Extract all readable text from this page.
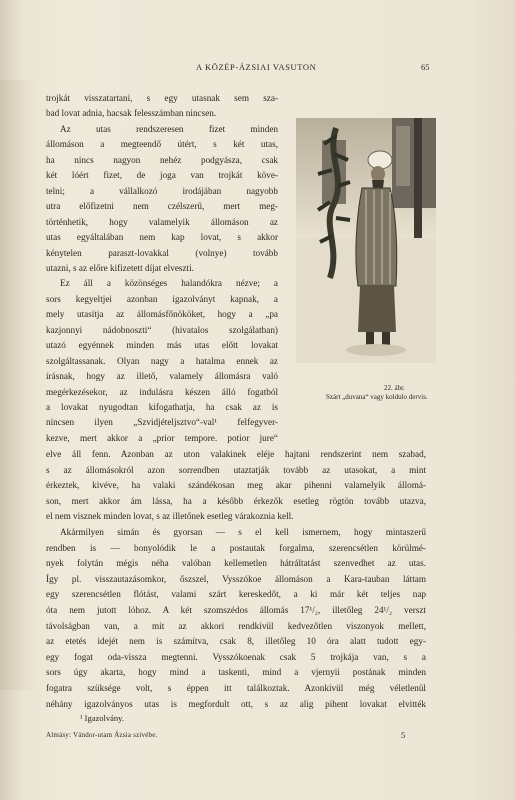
A KÖZÉP-ÁZSIAI VASUTON	65
trojkát visszatartani, s egy utasnak sem sza-
bad lovat adnia, hacsak felesszámban nincsen.
Az utas rendszeresen fizet minden
állomáson a megteendő útért, s két utas,
ha nincs nagyon nehéz podgyásza, csak
két lóért fizet, de joga van trojkát köve-
telni; a vállalkozó irodájában nagyobb
utra előfizetni nem czélszerű, mert meg-
történhetik, hogy valamelyik állomáson az
utas egyáltalában nem kap lovat, s akkor
kénytelen paraszt-lovakkal (volnye) tovább
utazni, s az előre kifizetett díjat elveszti.
Ez áll a közönséges halandókra nézve; a
sors kegyeltjei azonban igazolványt kapnak, a
mely utasítja az állomásfőnököket, hogy a „pa
kazjonnyi nádobnoszti“ (hivatalos szolgálatban)
utazó egyénnek minden más utas előtt lovakat
szolgáltassanak. Olyan nagy a hatalma ennek az
írásnak, hogy az illető, valamely állomásra való
megérkezésekor, az indulásra készen álló fogatból
a lovakat nyugodtan kifogathatja, ha csak az is
nincsen ilyen „Szvidjételjsztvo“-val¹ felfegyver-
kezve, mert akkor a „prior tempore. potior jure“
elve áll fenn. Azonban az uton valakinek eléje hajtani rendszerint nem szabad,
s az állomásokról azon sorrendben utaztatják tovább az utasokat, a mint
érkeztek, kivéve, ha valaki szándékosan meg akar pihenni valamelyik állomá-
son, mert akkor ám lássa, ha a később érkezők esetleg rögtön tovább utazva,
el nem visznek minden lovat, s az illetőnek esetleg várakoznia kell.
Akármilyen simán és gyorsan — s el kell ismernem, hogy mintaszerű
rendben is — bonyolódik le a postautak forgalma, szerencsétlen körülmé-
nyek folytán mégis néha valóban kellemetlen hátráltatást szenvedhet az utas.
Így pl. visszautazásomkor, őszszel, Vysszókoe állomáson a Kara-tauban láttam
egy szerencsétlen flótást, valami szárt kereskedőt, a ki már két teljes nap
óta nem jutott lóhoz. A két szomszédos állomás 17¹/₂, illetőleg 24¹/₂ verszt
távolságban van, a mit az akkori rendkívül kedvezőtlen viszonyok mellett,
az etetés idejét nem is számítva, csak 8, illetőleg 10 óra alatt tudott egy-
egy fogat oda-vissza megtenni. Vysszókoenak csak 5 trojkája van, s a
sors úgy akarta, hogy mind a taskenti, mind a vjernyii postának minden
fogatra szüksége volt, s éppen itt találkoztak. Azonkívül még véletlenül
néhány igazolványos utas is megfordult ott, s az alig pihent lovakat elvitték
22. ábr.
Szárt „duvana“ vagy koldulo dervis.
¹ Igazolvány.
Almásy: Vándor-utam Ázsia szivébe.	5
